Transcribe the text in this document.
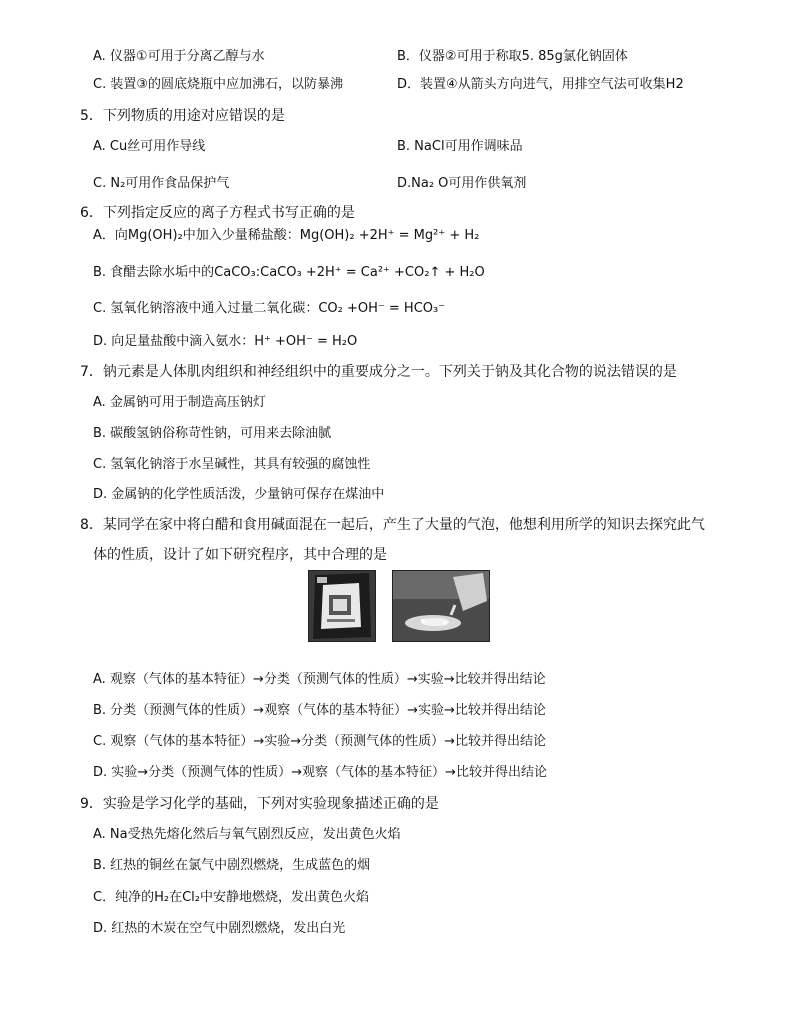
A. 仪器①可用于分离乙醇与水	B．仪器②可用于称取5. 85g氯化钠固体
C. 装置③的圆底烧瓶中应加沸石，以防暴沸	D．装置④从箭头方向进气，用排空气法可收集H2
5．下列物质的用途对应错误的是
A. Cu丝可用作导线	B. NaCl可用作调味品
C. N₂可用作食品保护气	D.Na₂ O可用作供氧剂
6．下列指定反应的离子方程式书写正确的是
A．向Mg(OH)₂中加入少量稀盐酸：Mg(OH)₂ +2H⁺ = Mg²⁺ + H₂
B. 食醋去除水垢中的CaCO₃:CaCO₃ +2H⁺ = Ca²⁺ +CO₂↑ + H₂O
C. 氢氧化钠溶液中通入过量二氧化碳：CO₂ +OH⁻ = HCO₃⁻
D. 向足量盐酸中滴入氨水：H⁺ +OH⁻ = H₂O
7．钠元素是人体肌肉组织和神经组织中的重要成分之一。下列关于钠及其化合物的说法错误的是
A. 金属钠可用于制造高压钠灯
B. 碳酸氢钠俗称苛性钠，可用来去除油腻
C. 氢氧化钠溶于水呈碱性，其具有较强的腐蚀性
D. 金属钠的化学性质活泼，少量钠可保存在煤油中
8．某同学在家中将白醋和食用碱面混在一起后，产生了大量的气泡，他想利用所学的知识去探究此气
体的性质，设计了如下研究程序，其中合理的是
A. 观察（气体的基本特征）→分类（预测气体的性质）→实验→比较并得出结论
B. 分类（预测气体的性质）→观察（气体的基本特征）→实验→比较并得出结论
C. 观察（气体的基本特征）→实验→分类（预测气体的性质）→比较并得出结论
D. 实验→分类（预测气体的性质）→观察（气体的基本特征）→比较并得出结论
9．实验是学习化学的基础，下列对实验现象描述正确的是
A. Na受热先熔化然后与氧气剧烈反应，发出黄色火焰
B. 红热的铜丝在氯气中剧烈燃烧，生成蓝色的烟
C．纯净的H₂在Cl₂中安静地燃烧，发出黄色火焰
D. 红热的木炭在空气中剧烈燃烧，发出白光
